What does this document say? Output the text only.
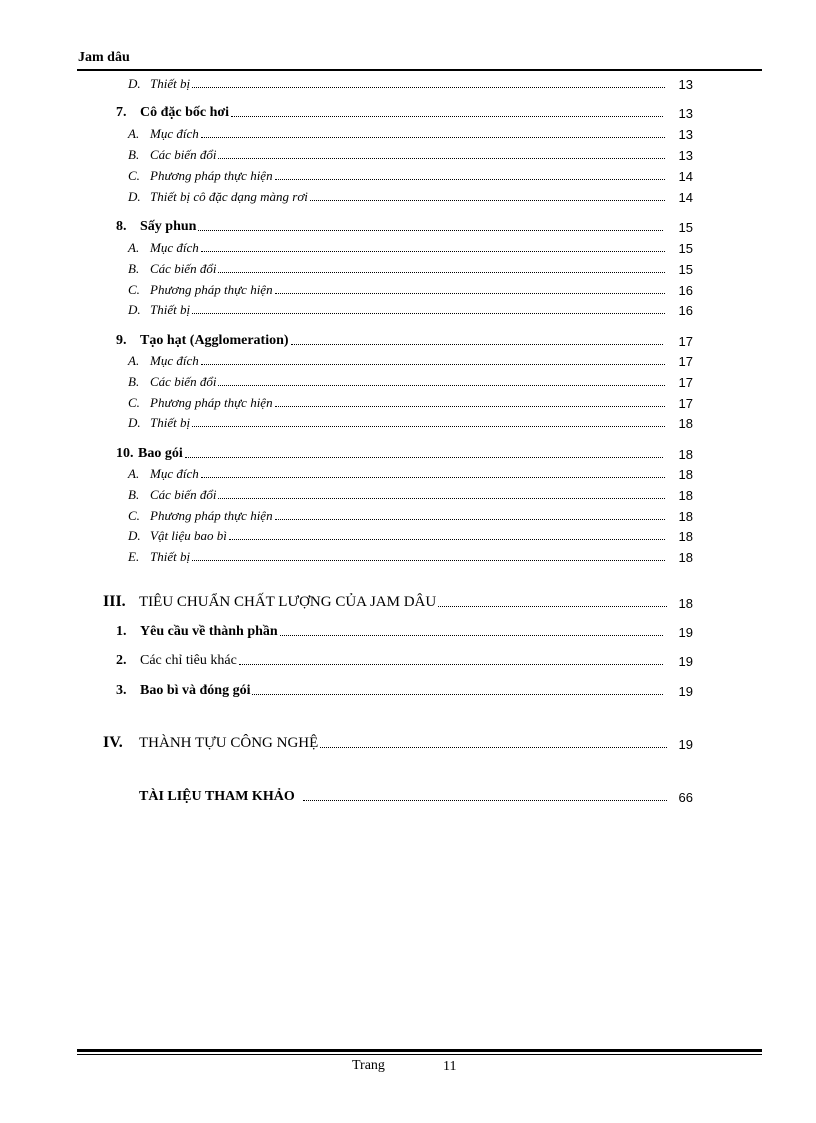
Jam dâu
D. Thiết bị	13
7. Cô đặc bốc hơi	13
A. Mục đích	13
B. Các biến đổi	13
C. Phương pháp thực hiện	14
D. Thiết bị cô đặc dạng màng rơi	14
8. Sấy phun	15
A. Mục đích	15
B. Các biến đổi	15
C. Phương pháp thực hiện	16
D. Thiết bị	16
9. Tạo hạt (Agglomeration)	17
A. Mục đích	17
B. Các biến đổi	17
C. Phương pháp thực hiện	17
D. Thiết bị	18
10. Bao gói	18
A. Mục đích	18
B. Các biến đổi	18
C. Phương pháp thực hiện	18
D. Vật liệu bao bì	18
E. Thiết bị	18
III. TIÊU CHUẨN CHẤT LƯỢNG CỦA JAM DÂU	18
1. Yêu cầu về thành phần	19
2. Các chỉ tiêu khác	19
3. Bao bì và đóng gói	19
IV.	THÀNH TỰU CÔNG NGHỆ	19
TÀI LIỆU THAM KHẢO	66
Trang	11
